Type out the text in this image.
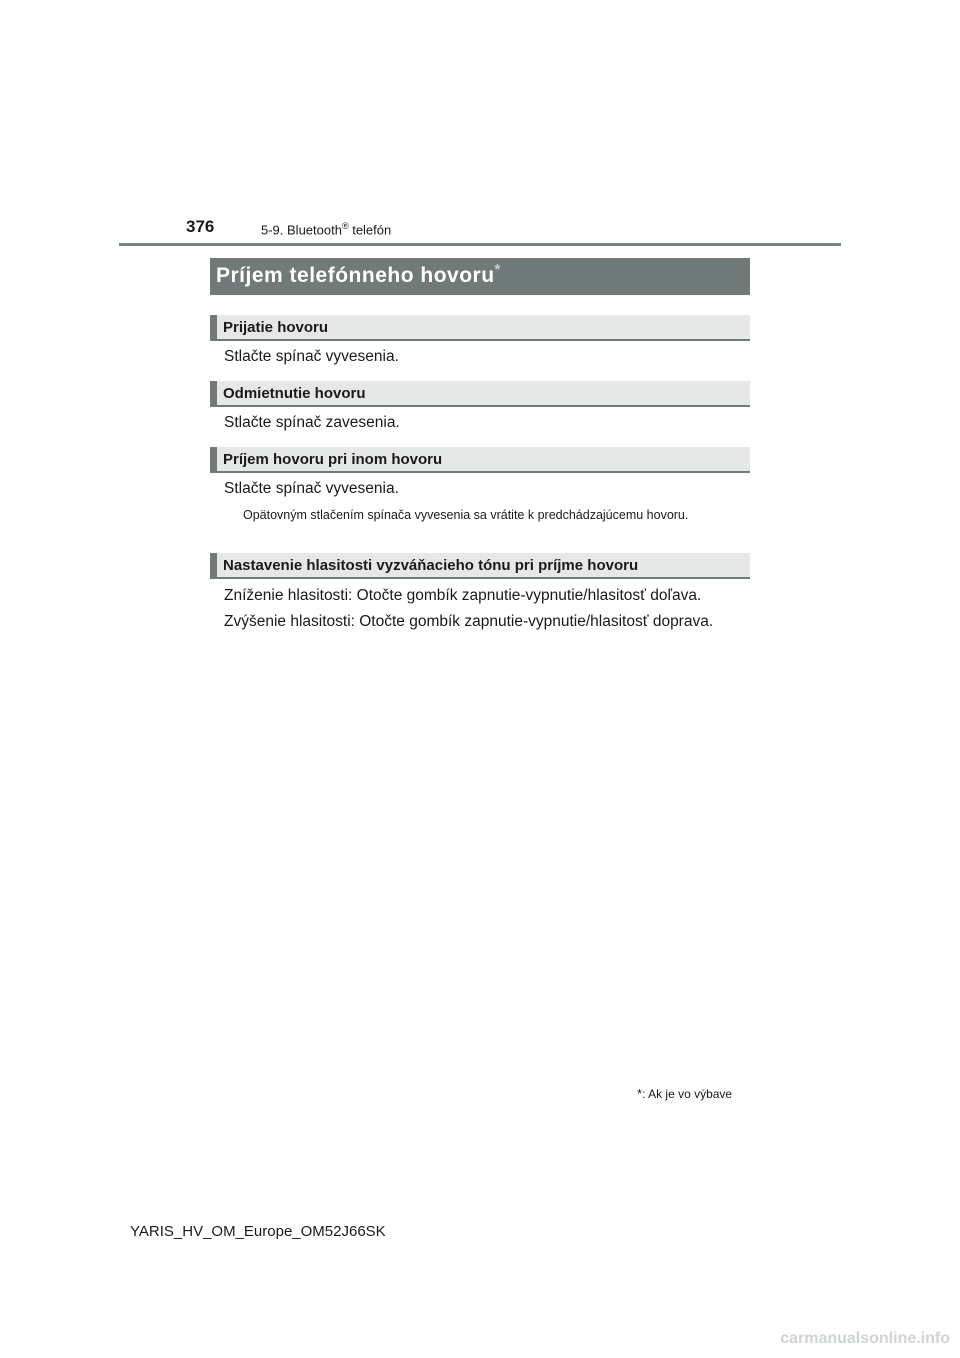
376	5-9. Bluetooth® telefón
Príjem telefónneho hovoru*
Prijatie hovoru
Stlačte spínač vyvesenia.
Odmietnutie hovoru
Stlačte spínač zavesenia.
Príjem hovoru pri inom hovoru
Stlačte spínač vyvesenia.
Opätovným stlačením spínača vyvesenia sa vrátite k predchádzajúcemu hovoru.
Nastavenie hlasitosti vyzváňacieho tónu pri príjme hovoru
Zníženie hlasitosti: Otočte gombík zapnutie-vypnutie/hlasitosť doľava.
Zvýšenie hlasitosti: Otočte gombík zapnutie-vypnutie/hlasitosť doprava.
*: Ak je vo výbave
YARIS_HV_OM_Europe_OM52J66SK
carmanualsonline.info
